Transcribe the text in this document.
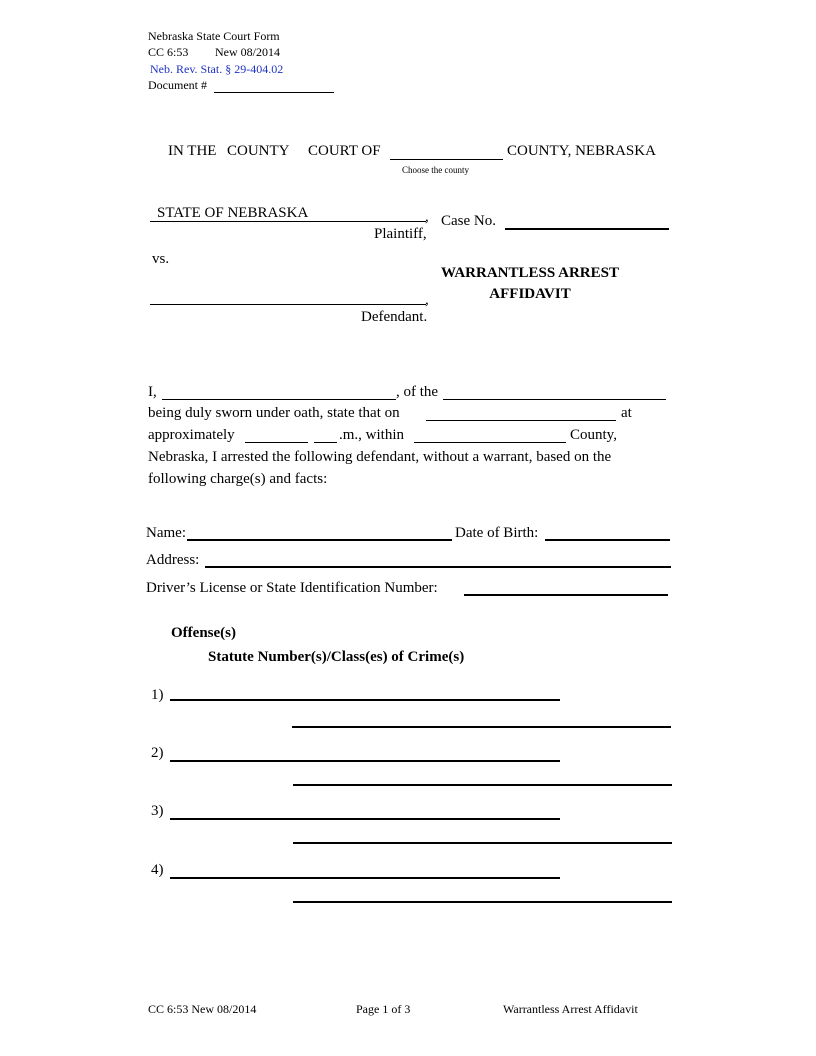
Nebraska State Court Form
CC 6:53 New 08/2014
Neb. Rev. Stat. § 29-404.02
Document #
IN THE COUNTY COURT OF	COUNTY, NEBRASKA
Choose the county
STATE OF NEBRASKA	,
Plaintiff,
Case No.
vs.
WARRANTLESS ARREST
AFFIDAVIT
,
Defendant.
I,	, of the
being duly sworn under oath, state that on	at
approximately	.m., within	County,
Nebraska, I arrested the following defendant, without a warrant, based on the
following charge(s) and facts:
Name:	Date of Birth:
Address:
Driver’s License or State Identification Number:
Offense(s)
Statute Number(s)/Class(es) of Crime(s)
1)
2)
3)
4)
CC 6:53 New 08/2014	Page 1 of 3	Warrantless Arrest Affidavit
